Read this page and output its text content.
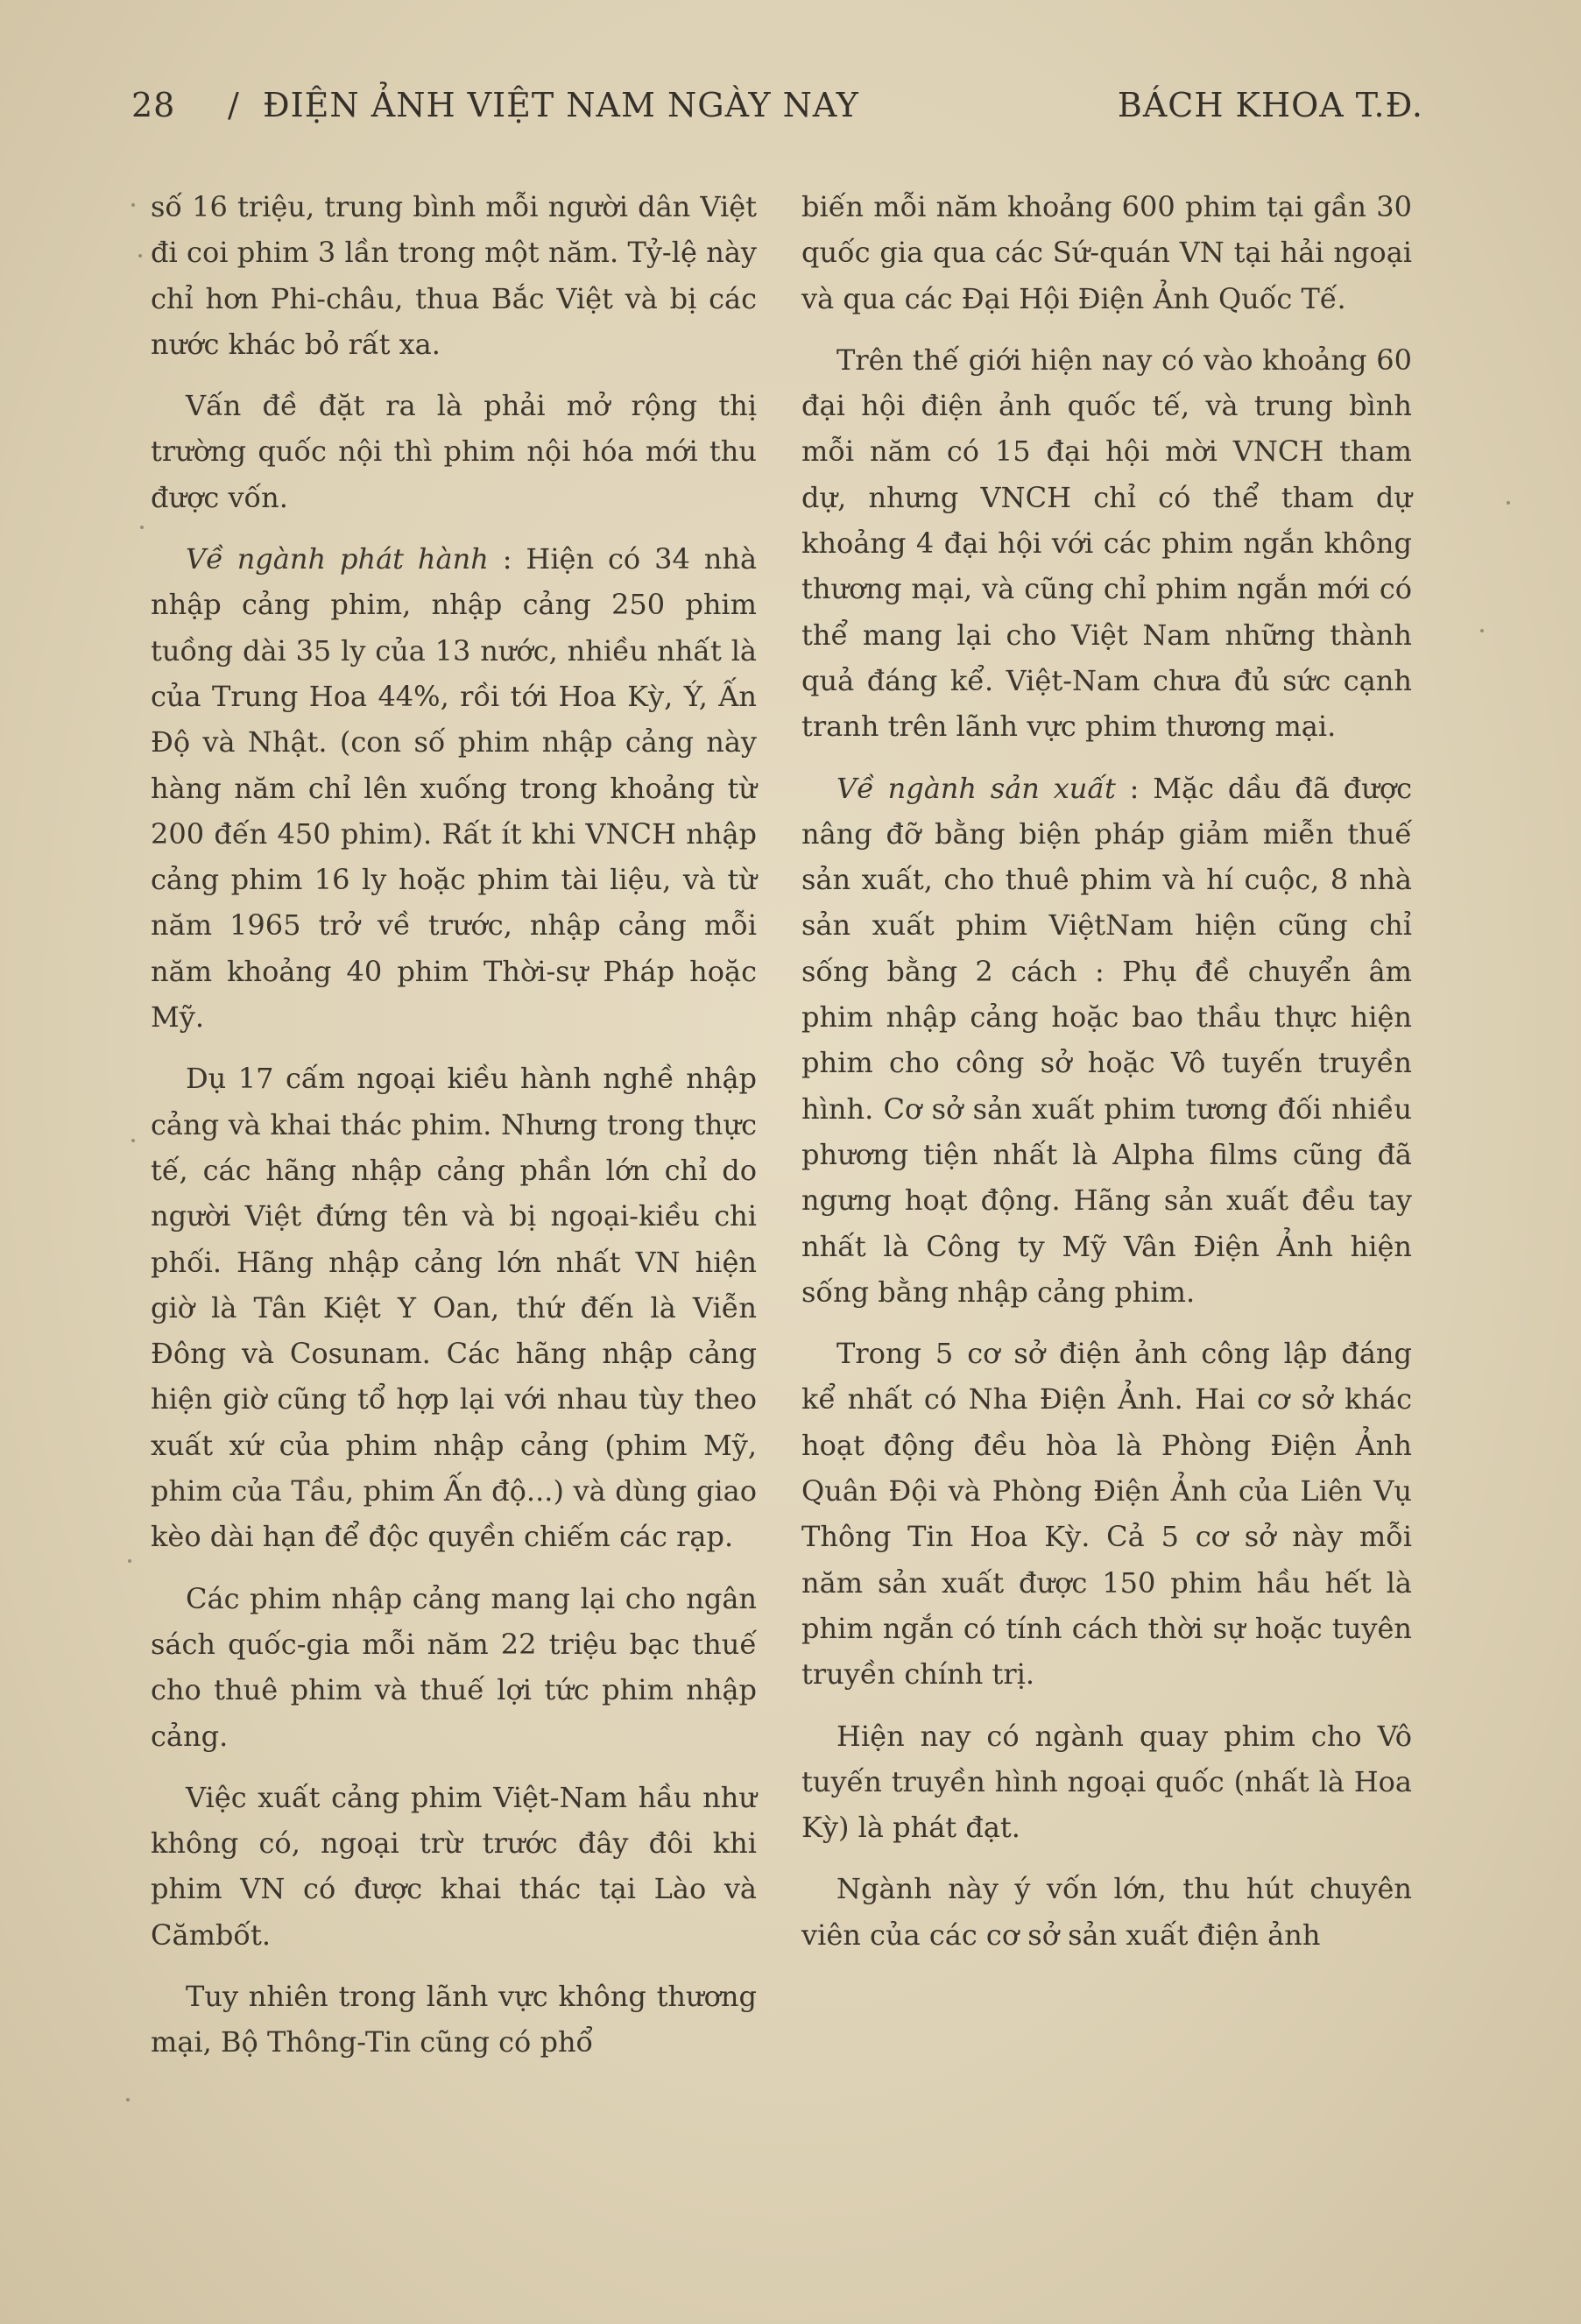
28 / ĐIỆN ẢNH VIỆT NAM NGÀY NAY	BÁCH KHOA T.Đ.

số 16 triệu, trung bình mỗi người dân Việt đi coi phim 3 lần trong một năm. Tỷ-lệ này chỉ hơn Phi-châu, thua Bắc Việt và bị các nước khác bỏ rất xa.

Vấn đề đặt ra là phải mở rộng thị trường quốc nội thì phim nội hóa mới thu được vốn.

Về ngành phát hành : Hiện có 34 nhà nhập cảng phim, nhập cảng 250 phim tuồng dài 35 ly của 13 nước, nhiều nhất là của Trung Hoa 44%, rồi tới Hoa Kỳ, Ý, Ấn Độ và Nhật. (con số phim nhập cảng này hàng năm chỉ lên xuống trong khoảng từ 200 đến 450 phim). Rất ít khi VNCH nhập cảng phim 16 ly hoặc phim tài liệu, và từ năm 1965 trở về trước, nhập cảng mỗi năm khoảng 40 phim Thời-sự Pháp hoặc Mỹ.

Dụ 17 cấm ngoại kiều hành nghề nhập cảng và khai thác phim. Nhưng trong thực tế, các hãng nhập cảng phần lớn chỉ do người Việt đứng tên và bị ngoại-kiều chi phối. Hãng nhập cảng lớn nhất VN hiện giờ là Tân Kiệt Y Oan, thứ đến là Viễn Đông và Cosunam. Các hãng nhập cảng hiện giờ cũng tổ hợp lại với nhau tùy theo xuất xứ của phim nhập cảng (phim Mỹ, phim của Tầu, phim Ấn độ...) và dùng giao kèo dài hạn để độc quyền chiếm các rạp.

Các phim nhập cảng mang lại cho ngân sách quốc-gia mỗi năm 22 triệu bạc thuế cho thuê phim và thuế lợi tức phim nhập cảng.

Việc xuất cảng phim Việt-Nam hầu như không có, ngoại trừ trước đây đôi khi phim VN có được khai thác tại Lào và Cămbốt.

Tuy nhiên trong lãnh vực không thương mại, Bộ Thông-Tin cũng có phổ

biến mỗi năm khoảng 600 phim tại gần 30 quốc gia qua các Sứ-quán VN tại hải ngoại và qua các Đại Hội Điện Ảnh Quốc Tế.

Trên thế giới hiện nay có vào khoảng 60 đại hội điện ảnh quốc tế, và trung bình mỗi năm có 15 đại hội mời VNCH tham dự, nhưng VNCH chỉ có thể tham dự khoảng 4 đại hội với các phim ngắn không thương mại, và cũng chỉ phim ngắn mới có thể mang lại cho Việt Nam những thành quả đáng kể. Việt-Nam chưa đủ sức cạnh tranh trên lãnh vực phim thương mại.

Về ngành sản xuất : Mặc dầu đã được nâng đỡ bằng biện pháp giảm miễn thuế sản xuất, cho thuê phim và hí cuộc, 8 nhà sản xuất phim ViệtNam hiện cũng chỉ sống bằng 2 cách : Phụ đề chuyển âm phim nhập cảng hoặc bao thầu thực hiện phim cho công sở hoặc Vô tuyến truyền hình. Cơ sở sản xuất phim tương đối nhiều phương tiện nhất là Alpha films cũng đã ngưng hoạt động. Hãng sản xuất đều tay nhất là Công ty Mỹ Vân Điện Ảnh hiện sống bằng nhập cảng phim.

Trong 5 cơ sở điện ảnh công lập đáng kể nhất có Nha Điện Ảnh. Hai cơ sở khác hoạt động đều hòa là Phòng Điện Ảnh Quân Đội và Phòng Điện Ảnh của Liên Vụ Thông Tin Hoa Kỳ. Cả 5 cơ sở này mỗi năm sản xuất được 150 phim hầu hết là phim ngắn có tính cách thời sự hoặc tuyên truyền chính trị.

Hiện nay có ngành quay phim cho Vô tuyến truyền hình ngoại quốc (nhất là Hoa Kỳ) là phát đạt.

Ngành này ý vốn lớn, thu hút chuyên viên của các cơ sở sản xuất điện ảnh
